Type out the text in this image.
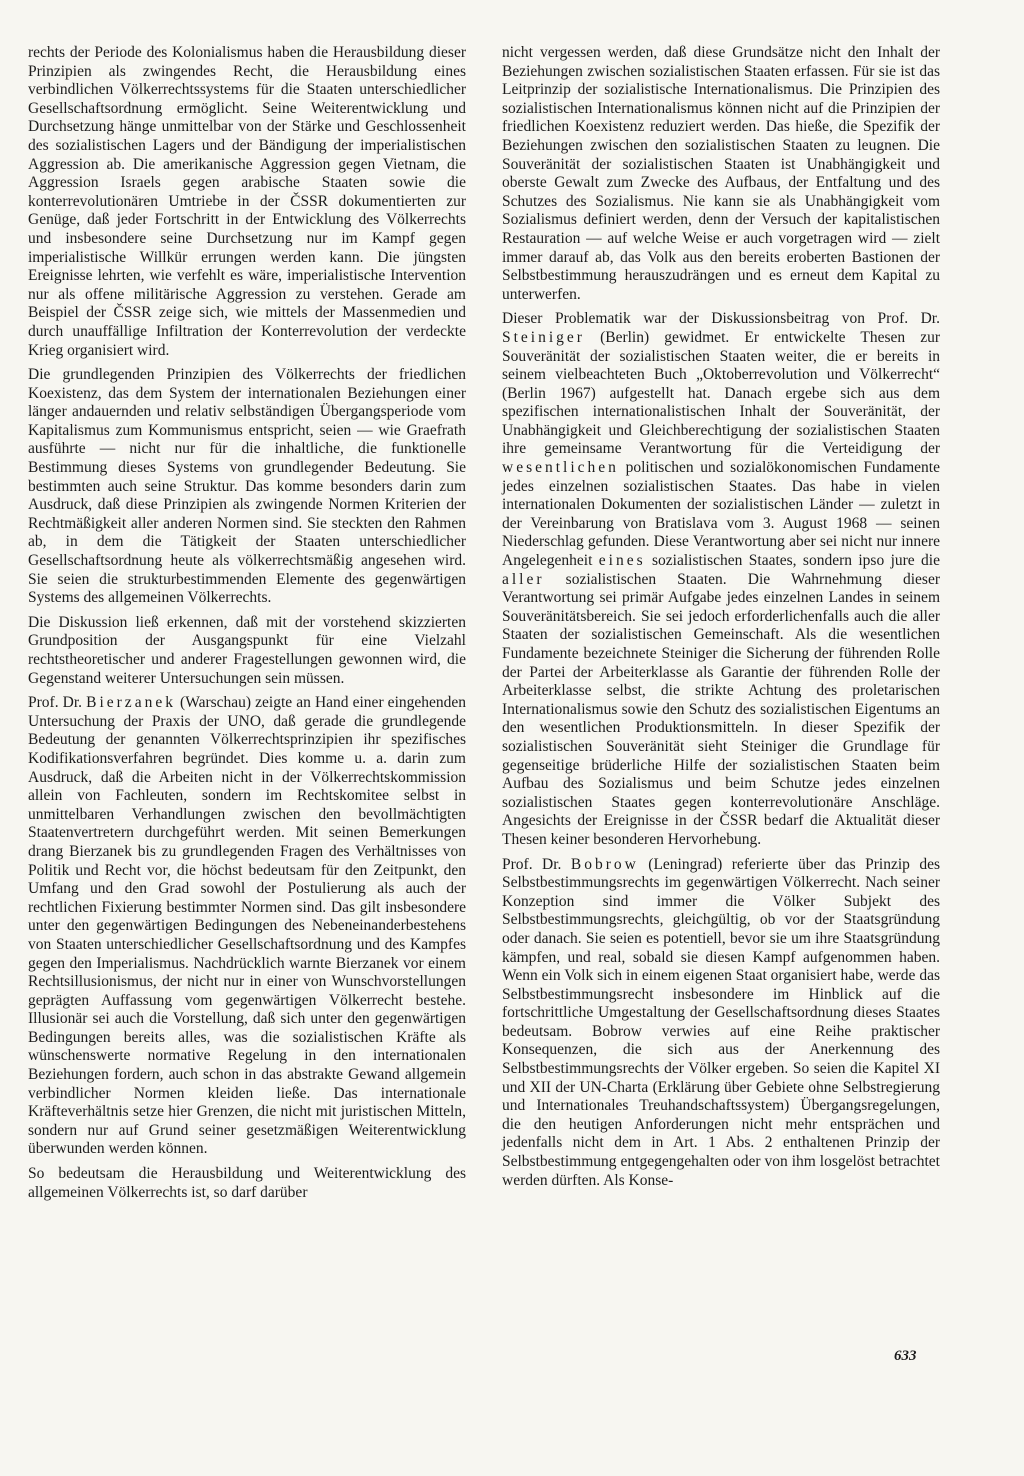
rechts der Periode des Kolonialismus haben die Herausbildung dieser Prinzipien als zwingendes Recht, die Herausbildung eines verbindlichen Völkerrechtssystems für die Staaten unterschiedlicher Gesellschaftsordnung ermöglicht. Seine Weiterentwicklung und Durchsetzung hänge unmittelbar von der Stärke und Geschlossenheit des sozialistischen Lagers und der Bändigung der imperialistischen Aggression ab. Die amerikanische Aggression gegen Vietnam, die Aggression Israels gegen arabische Staaten sowie die konterrevolutionären Umtriebe in der ČSSR dokumentierten zur Genüge, daß jeder Fortschritt in der Entwicklung des Völkerrechts und insbesondere seine Durchsetzung nur im Kampf gegen imperialistische Willkür errungen werden kann. Die jüngsten Ereignisse lehrten, wie verfehlt es wäre, imperialistische Intervention nur als offene militärische Aggression zu verstehen. Gerade am Beispiel der ČSSR zeige sich, wie mittels der Massenmedien und durch unauffällige Infiltration der Konterrevolution der verdeckte Krieg organisiert wird.

Die grundlegenden Prinzipien des Völkerrechts der friedlichen Koexistenz, das dem System der internationalen Beziehungen einer länger andauernden und relativ selbständigen Übergangsperiode vom Kapitalismus zum Kommunismus entspricht, seien — wie Graefrath ausführte — nicht nur für die inhaltliche, die funktionelle Bestimmung dieses Systems von grundlegender Bedeutung. Sie bestimmten auch seine Struktur. Das komme besonders darin zum Ausdruck, daß diese Prinzipien als zwingende Normen Kriterien der Rechtmäßigkeit aller anderen Normen sind. Sie steckten den Rahmen ab, in dem die Tätigkeit der Staaten unterschiedlicher Gesellschaftsordnung heute als völkerrechtsmäßig angesehen wird. Sie seien die strukturbestimmenden Elemente des gegenwärtigen Systems des allgemeinen Völkerrechts.

Die Diskussion ließ erkennen, daß mit der vorstehend skizzierten Grundposition der Ausgangspunkt für eine Vielzahl rechtstheoretischer und anderer Fragestellungen gewonnen wird, die Gegenstand weiterer Untersuchungen sein müssen.

Prof. Dr. Bierzanek (Warschau) zeigte an Hand einer eingehenden Untersuchung der Praxis der UNO, daß gerade die grundlegende Bedeutung der genannten Völkerrechtsprinzipien ihr spezifisches Kodifikationsverfahren begründet. Dies komme u. a. darin zum Ausdruck, daß die Arbeiten nicht in der Völkerrechtskommission allein von Fachleuten, sondern im Rechtskomitee selbst in unmittelbaren Verhandlungen zwischen den bevollmächtigten Staatenvertretern durchgeführt werden. Mit seinen Bemerkungen drang Bierzanek bis zu grundlegenden Fragen des Verhältnisses von Politik und Recht vor, die höchst bedeutsam für den Zeitpunkt, den Umfang und den Grad sowohl der Postulierung als auch der rechtlichen Fixierung bestimmter Normen sind. Das gilt insbesondere unter den gegenwärtigen Bedingungen des Nebeneinanderbestehens von Staaten unterschiedlicher Gesellschaftsordnung und des Kampfes gegen den Imperialismus. Nachdrücklich warnte Bierzanek vor einem Rechtsillusionismus, der nicht nur in einer von Wunschvorstellungen geprägten Auffassung vom gegenwärtigen Völkerrecht bestehe. Illusionär sei auch die Vorstellung, daß sich unter den gegenwärtigen Bedingungen bereits alles, was die sozialistischen Kräfte als wünschenswerte normative Regelung in den internationalen Beziehungen fordern, auch schon in das abstrakte Gewand allgemein verbindlicher Normen kleiden ließe. Das internationale Kräfteverhältnis setze hier Grenzen, die nicht mit juristischen Mitteln, sondern nur auf Grund seiner gesetzmäßigen Weiterentwicklung überwunden werden können.

So bedeutsam die Herausbildung und Weiterentwicklung des allgemeinen Völkerrechts ist, so darf darüber

nicht vergessen werden, daß diese Grundsätze nicht den Inhalt der Beziehungen zwischen sozialistischen Staaten erfassen. Für sie ist das Leitprinzip der sozialistische Internationalismus. Die Prinzipien des sozialistischen Internationalismus können nicht auf die Prinzipien der friedlichen Koexistenz reduziert werden. Das hieße, die Spezifik der Beziehungen zwischen den sozialistischen Staaten zu leugnen. Die Souveränität der sozialistischen Staaten ist Unabhängigkeit und oberste Gewalt zum Zwecke des Aufbaus, der Entfaltung und des Schutzes des Sozialismus. Nie kann sie als Unabhängigkeit vom Sozialismus definiert werden, denn der Versuch der kapitalistischen Restauration — auf welche Weise er auch vorgetragen wird — zielt immer darauf ab, das Volk aus den bereits eroberten Bastionen der Selbstbestimmung herauszudrängen und es erneut dem Kapital zu unterwerfen.

Dieser Problematik war der Diskussionsbeitrag von Prof. Dr. Steiniger (Berlin) gewidmet. Er entwickelte Thesen zur Souveränität der sozialistischen Staaten weiter, die er bereits in seinem vielbeachteten Buch „Oktoberrevolution und Völkerrecht“ (Berlin 1967) aufgestellt hat. Danach ergebe sich aus dem spezifischen internationalistischen Inhalt der Souveränität, der Unabhängigkeit und Gleichberechtigung der sozialistischen Staaten ihre gemeinsame Verantwortung für die Verteidigung der wesentlichen politischen und sozialökonomischen Fundamente jedes einzelnen sozialistischen Staates. Das habe in vielen internationalen Dokumenten der sozialistischen Länder — zuletzt in der Vereinbarung von Bratislava vom 3. August 1968 — seinen Niederschlag gefunden. Diese Verantwortung aber sei nicht nur innere Angelegenheit eines sozialistischen Staates, sondern ipso jure die aller sozialistischen Staaten. Die Wahrnehmung dieser Verantwortung sei primär Aufgabe jedes einzelnen Landes in seinem Souveränitätsbereich. Sie sei jedoch erforderlichenfalls auch die aller Staaten der sozialistischen Gemeinschaft. Als die wesentlichen Fundamente bezeichnete Steiniger die Sicherung der führenden Rolle der Partei der Arbeiterklasse als Garantie der führenden Rolle der Arbeiterklasse selbst, die strikte Achtung des proletarischen Internationalismus sowie den Schutz des sozialistischen Eigentums an den wesentlichen Produktionsmitteln. In dieser Spezifik der sozialistischen Souveränität sieht Steiniger die Grundlage für gegenseitige brüderliche Hilfe der sozialistischen Staaten beim Aufbau des Sozialismus und beim Schutze jedes einzelnen sozialistischen Staates gegen konterrevolutionäre Anschläge. Angesichts der Ereignisse in der ČSSR bedarf die Aktualität dieser Thesen keiner besonderen Hervorhebung.

Prof. Dr. Bobrow (Leningrad) referierte über das Prinzip des Selbstbestimmungsrechts im gegenwärtigen Völkerrecht. Nach seiner Konzeption sind immer die Völker Subjekt des Selbstbestimmungsrechts, gleichgültig, ob vor der Staatsgründung oder danach. Sie seien es potentiell, bevor sie um ihre Staatsgründung kämpfen, und real, sobald sie diesen Kampf aufgenommen haben. Wenn ein Volk sich in einem eigenen Staat organisiert habe, werde das Selbstbestimmungsrecht insbesondere im Hinblick auf die fortschrittliche Umgestaltung der Gesellschaftsordnung dieses Staates bedeutsam. Bobrow verwies auf eine Reihe praktischer Konsequenzen, die sich aus der Anerkennung des Selbstbestimmungsrechts der Völker ergeben. So seien die Kapitel XI und XII der UN-Charta (Erklärung über Gebiete ohne Selbstregierung und Internationales Treuhandschaftssystem) Übergangsregelungen, die den heutigen Anforderungen nicht mehr entsprächen und jedenfalls nicht dem in Art. 1 Abs. 2 enthaltenen Prinzip der Selbstbestimmung entgegengehalten oder von ihm losgelöst betrachtet werden dürften. Als Konse-

633
